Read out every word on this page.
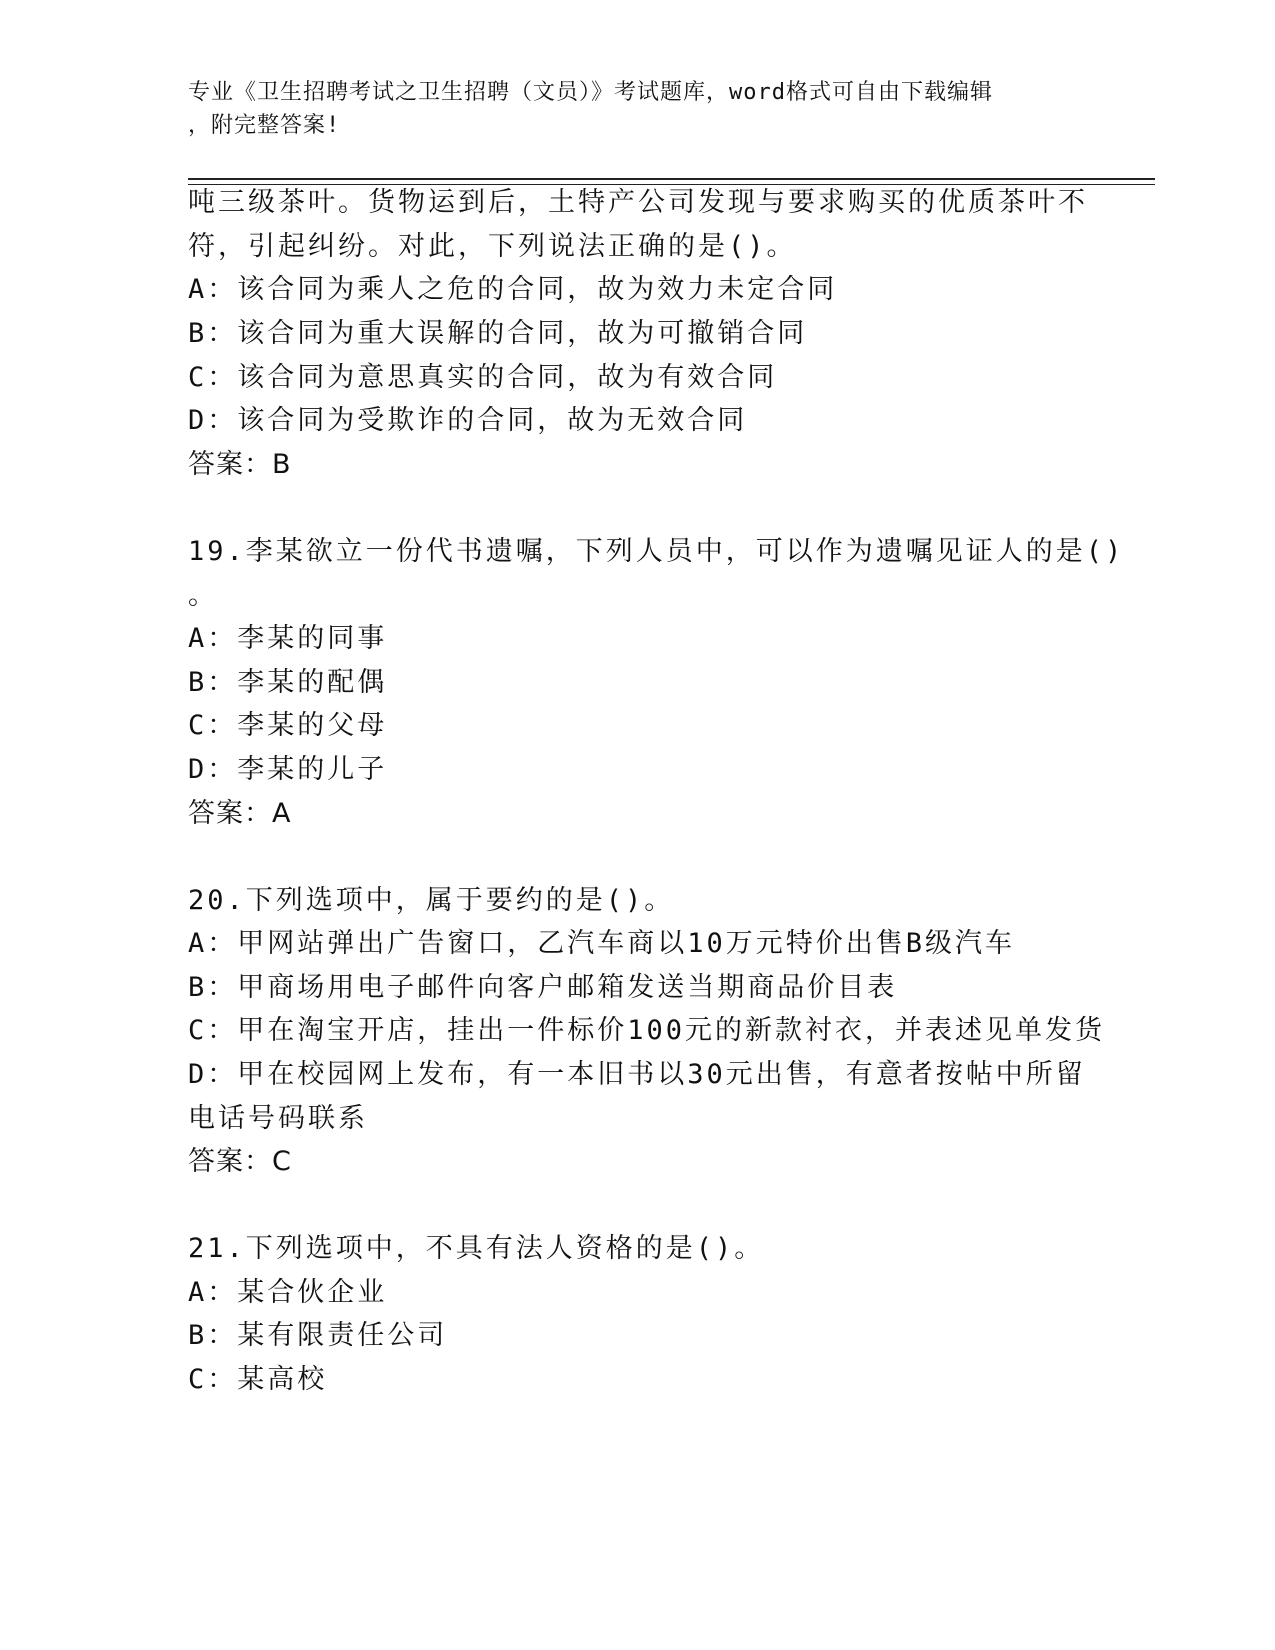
专业《卫生招聘考试之卫生招聘（文员）》考试题库，word格式可自由下载编辑
，附完整答案!
吨三级茶叶。货物运到后，土特产公司发现与要求购买的优质茶叶不
符，引起纠纷。对此，下列说法正确的是()。
A：该合同为乘人之危的合同，故为效力未定合同
B：该合同为重大误解的合同，故为可撤销合同
C：该合同为意思真实的合同，故为有效合同
D：该合同为受欺诈的合同，故为无效合同
答案：B
19.李某欲立一份代书遗嘱，下列人员中，可以作为遗嘱见证人的是()
。
A：李某的同事
B：李某的配偶
C：李某的父母
D：李某的儿子
答案：A
20.下列选项中，属于要约的是()。
A：甲网站弹出广告窗口，乙汽车商以10万元特价出售B级汽车
B：甲商场用电子邮件向客户邮箱发送当期商品价目表
C：甲在淘宝开店，挂出一件标价100元的新款衬衣，并表述见单发货
D：甲在校园网上发布，有一本旧书以30元出售，有意者按帖中所留
电话号码联系
答案：C
21.下列选项中，不具有法人资格的是()。
A：某合伙企业
B：某有限责任公司
C：某高校
